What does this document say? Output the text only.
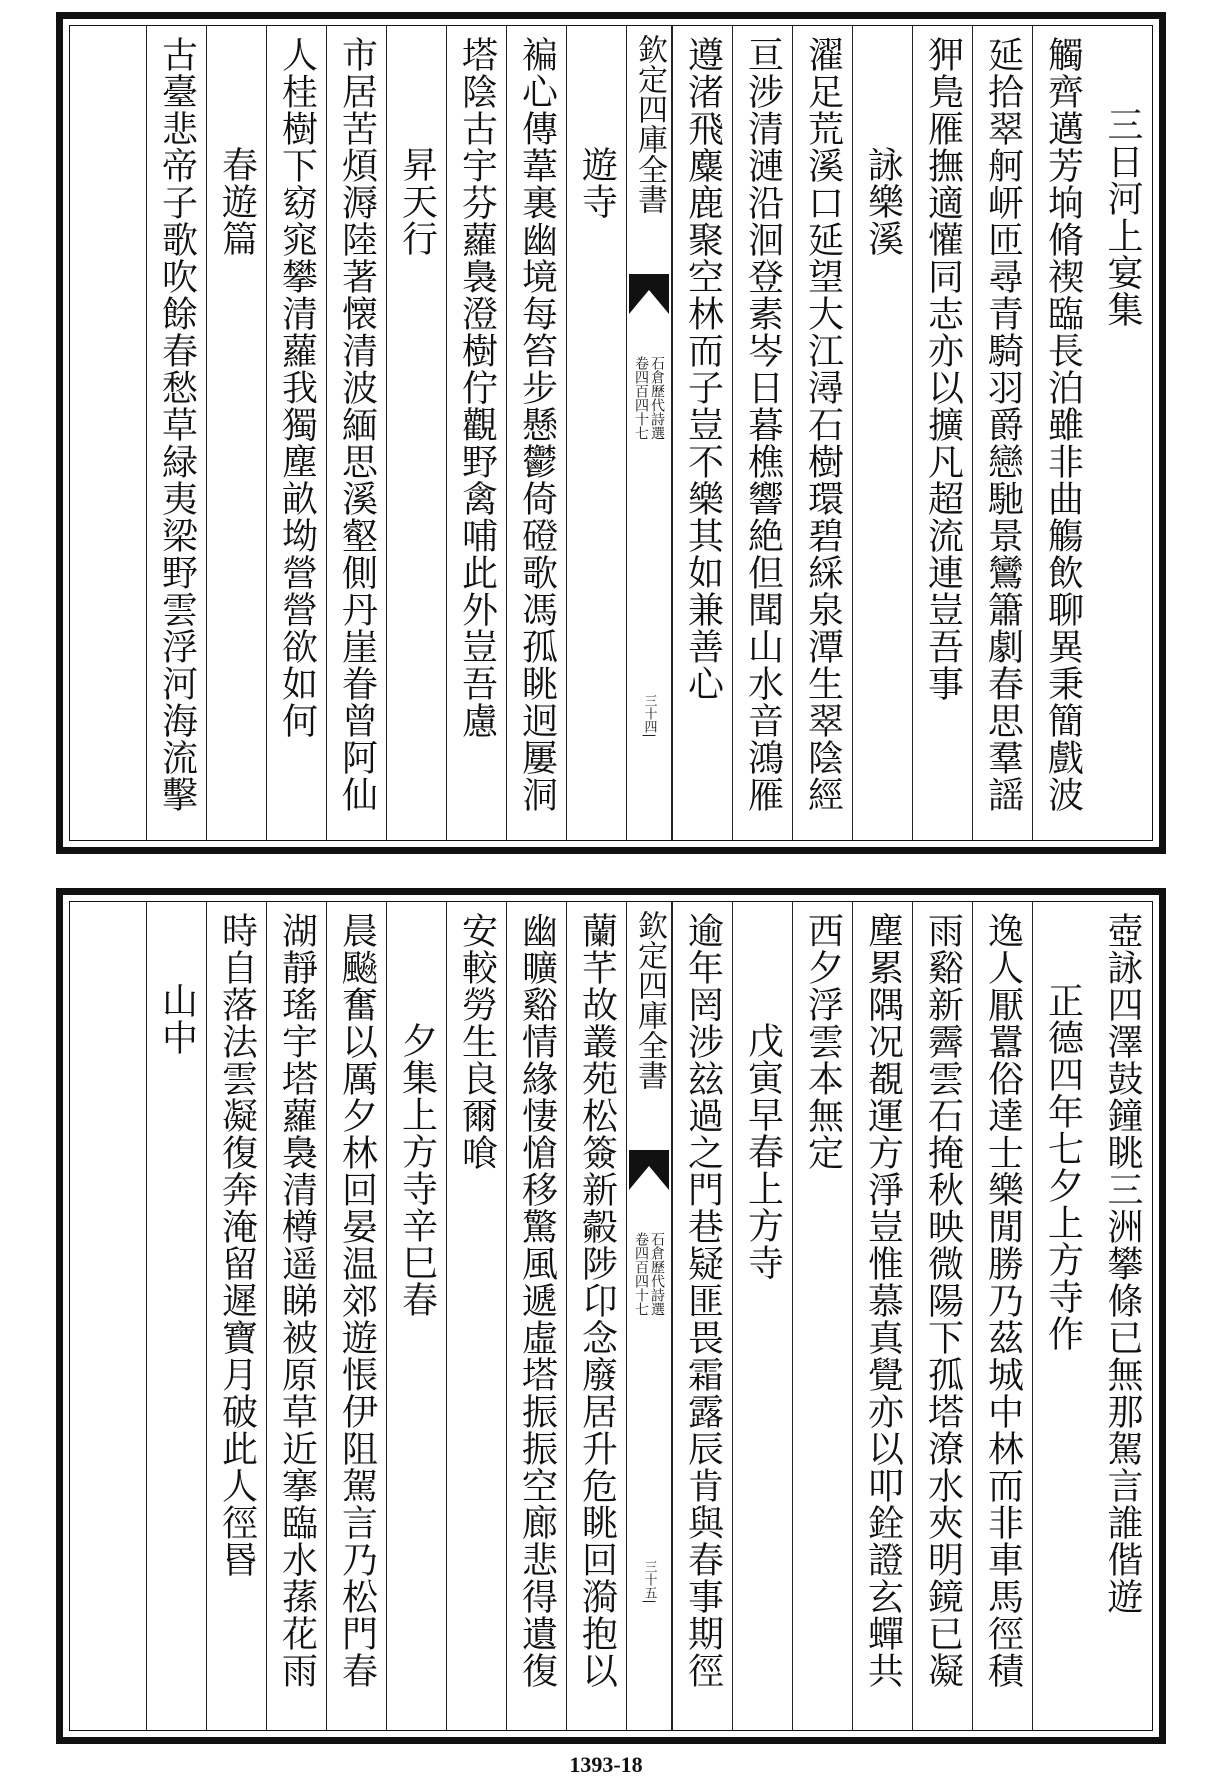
三日河上宴集
觸齊邁芳垧脩禊臨長泊雖非曲觴飲聊異秉簡戲波
延拾翠舸岍匝尋青騎羽爵戀馳景鸞簫劇春思羣謡
狎鳬雁撫適懽同志亦以擴凡超流連豈吾事
詠樂溪
濯足荒溪口延望大江潯石樹環碧綵泉潭生翠陰經
亘涉清漣沿洄登素岑日暮樵響絶但聞山水音鴻雁
遵渚飛麋鹿聚空林而子豈不樂其如兼善心
欽定四庫全書
石倉歷代詩選
卷四百四十七
三十四
遊寺
褊心傳葦裏幽境每笞步懸鬱倚磴歌馮孤眺迥屢洞
塔陰古宇芬蘿裊澄樹佇觀野禽哺此外豈吾慮
昇天行
市居苦煩溽陸著懐清波緬思溪壑側丹崖眷曾阿仙
人桂樹下窈窕攀清蘿我獨塵畝坳營營欲如何
春遊篇
古臺悲帝子歌吹餘春愁草緑夷梁野雲浮河海流擊
壺詠四澤鼓鐘眺三洲攀條已無那駕言誰偕遊
正德四年七夕上方寺作
逸人厭囂俗達士樂閒勝乃茲城中林而非車馬徑積
雨谿新霽雲石掩秋映微陽下孤塔潦水夾明鏡已凝
塵累隅况覩運方淨豈惟慕真覺亦以叩銓證玄蟬共
西夕浮雲本無定
戊寅早春上方寺
逾年罔涉玆過之門巷疑匪畏霜露辰肯與春事期徑
欽定四庫全書
石倉歷代詩選
卷四百四十七
三十五
蘭芊故叢苑松簽新㲉陟卬念廢居升危眺回漪抱以
幽曠谿情緣悽愴移驚風遞虛塔振振空廊悲得遺復
安較勞生良爾喰
夕集上方寺辛巳春
晨飈奮以厲夕林回晏温郊遊悵伊阻駕言乃松門春
湖靜瑤宇塔蘿裊清樽遥睇被原草近搴臨水蓀花雨
時自落法雲凝復奔淹留遲寶月破此人徑昬
山中
1393-18
